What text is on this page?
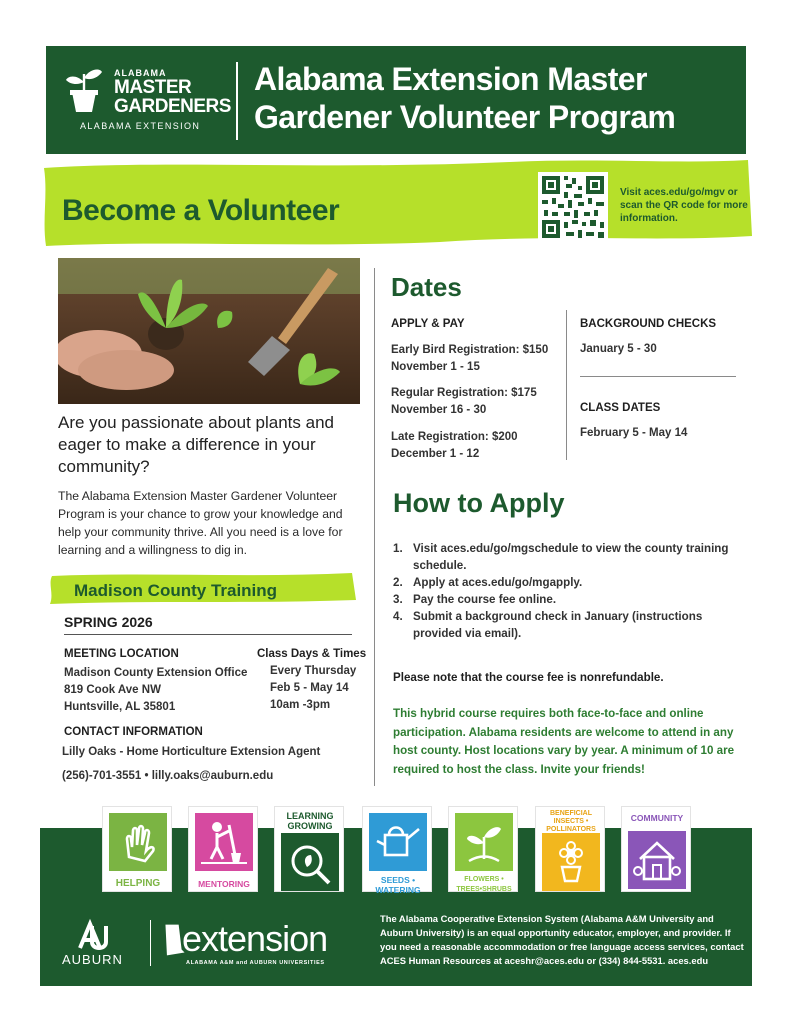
ALABAMA
MASTER
GARDENERS
ALABAMA EXTENSION
Alabama Extension Master Gardener Volunteer Program
Become a Volunteer
Visit aces.edu/go/mgv or scan the QR code for more information.
Are you passionate about plants and eager to make a difference in your community?
The Alabama Extension Master Gardener Volunteer Program is your chance to grow your knowledge and help your community thrive. All you need is a love for learning and a willingness to dig in.
Madison County Training
SPRING 2026
MEETING LOCATION
Madison County Extension Office
819 Cook Ave NW
Huntsville, AL 35801
Class Days & Times
Every Thursday
Feb 5 - May 14
10am -3pm
CONTACT INFORMATION
Lilly Oaks - Home Horticulture Extension Agent
(256)-701-3551 • lilly.oaks@auburn.edu
Dates
APPLY & PAY
Early Bird Registration: $150
November 1 - 15
Regular Registration: $175
November 16 - 30
Late Registration: $200
December 1 - 12
BACKGROUND CHECKS
January 5 - 30
CLASS DATES
February 5 - May 14
How to Apply
1. Visit aces.edu/go/mgschedule to view the county training schedule.
2. Apply at aces.edu/go/mgapply.
3. Pay the course fee online.
4. Submit a background check in January (instructions provided via email).
Please note that the course fee is nonrefundable.
This hybrid course requires both face-to-face and online participation. Alabama residents are welcome to attend in any host county. Host locations vary by year. A minimum of 10 are required to host the class. Invite your friends!
HELPING	MENTORING
LEARNING GROWING
SEEDS • WATERING
FLOWERS • TREES•SHRUBS
BENEFICIAL INSECTS • POLLINATORS
COMMUNITY
AUBURN
extension
ALABAMA A&M and AUBURN UNIVERSITIES
The Alabama Cooperative Extension System (Alabama A&M University and Auburn University) is an equal opportunity educator, employer, and provider. If you need a reasonable accommodation or free language access services, contact ACES Human Resources at aceshr@aces.edu or (334) 844-5531. aces.edu
